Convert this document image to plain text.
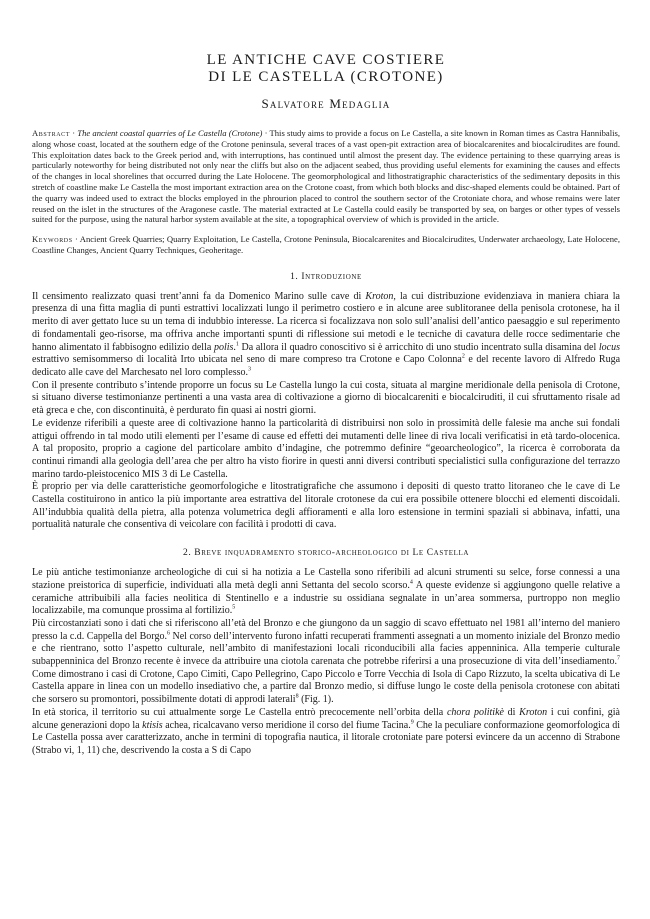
LE ANTICHE CAVE COSTIERE
DI LE CASTELLA (CROTONE)
Salvatore Medaglia
Abstract · The ancient coastal quarries of Le Castella (Crotone) · This study aims to provide a focus on Le Castella, a site known in Roman times as Castra Hannibalis, along whose coast, located at the southern edge of the Crotone peninsula, several traces of a vast open-pit extraction area of biocalcarenites and biocalcirudites are found. This exploitation dates back to the Greek period and, with interruptions, has continued until almost the present day. The evidence pertaining to these quarrying areas is particularly noteworthy for being distributed not only near the cliffs but also on the adjacent seabed, thus providing useful elements for examining the causes and effects of the changes in local shorelines that occurred during the Late Holocene. The geomorphological and lithostratigraphic characteristics of the sedimentary deposits in this stretch of coastline make Le Castella the most important extraction area on the Crotone coast, from which both blocks and disc-shaped elements could be obtained. Part of the quarry was indeed used to extract the blocks employed in the phrourion placed to control the southern sector of the Crotoniate chora, and whose remains were later reused on the islet in the structures of the Aragonese castle. The material extracted at Le Castella could easily be transported by sea, on barges or other types of vessels suited for the purpose, using the natural harbor system available at the site, a topographical overview of which is provided in the article.
Keywords · Ancient Greek Quarries; Quarry Exploitation, Le Castella, Crotone Peninsula, Biocalcarenites and Biocalcirudites, Underwater archaeology, Late Holocene, Coastline Changes, Ancient Quarry Techniques, Geoheritage.
1. Introduzione

Il censimento realizzato quasi trent’anni fa da Domenico Marino sulle cave di Kroton, la cui distribuzione evidenziava in maniera chiara la presenza di una fitta maglia di punti estrattivi localizzati lungo il perimetro costiero e in alcune aree sublitoranee della penisola crotonese, ha il merito di aver gettato luce su un tema di indubbio interesse. La ricerca si focalizzava non solo sull’analisi dell’antico paesaggio e sul reperimento di fondamentali geo-risorse, ma offriva anche importanti spunti di riflessione sui metodi e le tecniche di cavatura delle rocce sedimentarie che hanno alimentato il fabbisogno edilizio della polis.$^1$ Da allora il quadro conoscitivo si è arricchito di uno studio incentrato sulla disamina del locus estrattivo semisommerso di località Irto ubicata nel seno di mare compreso tra Crotone e Capo Colonna$^2$ e del recente lavoro di Alfredo Ruga dedicato alle cave del Marchesato nel loro complesso.$^3$

Con il presente contributo s’intende proporre un focus su Le Castella lungo la cui costa, situata al margine meridionale della penisola di Crotone, si situano diverse testimonianze pertinenti a una vasta area di coltivazione a giorno di biocalcareniti e biocalciruditi, il cui sfruttamento risale ad età greca e che, con discontinuità, è perdurato fin quasi ai nostri giorni.

Le evidenze riferibili a queste aree di coltivazione hanno la particolarità di distribuirsi non solo in prossimità delle falesie ma anche sui fondali attigui offrendo in tal modo utili elementi per l’esame di cause ed effetti dei mutamenti delle linee di riva locali verificatisi in età tardo-olocenica. A tal proposito, proprio a cagione del particolare ambito d’indagine, che potremmo definire “geoarcheologico”, la ricerca è corroborata da continui rimandi alla geologia dell’area che per altro ha visto fiorire in questi anni diversi contributi specialistici sulla configurazione del terrazzo marino tardo-pleistocenico MIS 3 di Le Castella.

È proprio per via delle caratteristiche geomorfologiche e litostratigrafiche che assumono i depositi di questo tratto litoraneo che le cave di Le Castella costituirono in antico la più importante area estrattiva del litorale crotonese da cui era possibile ottenere blocchi ed elementi discoidali. All’indubbia qualità della pietra, alla potenza volumetrica degli affioramenti e alla loro estensione in termini spaziali si abbinava, infatti, una portualità naturale che consentiva di veicolare con facilità i prodotti di cava.

2. Breve inquadramento storico-archeologico di Le Castella

Le più antiche testimonianze archeologiche di cui si ha notizia a Le Castella sono riferibili ad alcuni strumenti su selce, forse connessi a una stazione preistorica di superficie, individuati alla metà degli anni Settanta del secolo scorso.$^4$ A queste evidenze si aggiungono quelle relative a ceramiche attribuibili alla facies neolitica di Stentinello e a industrie su ossidiana segnalate in un’area sommersa, purtroppo non meglio localizzabile, ma comunque prossima al fortilizio.$^5$

Più circostanziati sono i dati che si riferiscono all’età del Bronzo e che giungono da un saggio di scavo effettuato nel 1981 all’interno del maniero presso la c.d. Cappella del Borgo.$^6$ Nel corso dell’intervento furono infatti recuperati frammenti assegnati a un momento iniziale del Bronzo medio e che rientrano, sotto l’aspetto culturale, nell’ambito di manifestazioni locali riconducibili alla facies appenninica. Alla temperie culturale subappenninica del Bronzo recente è invece da attribuire una ciotola carenata che potrebbe riferirsi a una prosecuzione di vita dell’insediamento.$^7$ Come dimostrano i casi di Crotone, Capo Cimiti, Capo Pellegrino, Capo Piccolo e Torre Vecchia di Isola di Capo Rizzuto, la scelta ubicativa di Le Castella appare in linea con un modello insediativo che, a partire dal Bronzo medio, si diffuse lungo le coste della penisola crotonese con abitati che sorsero su promontori, possibilmente dotati di approdi laterali$^8$ (Fig. 1).

In età storica, il territorio su cui attualmente sorge Le Castella entrò precocemente nell’orbita della chora politikè di Kroton i cui confini, già alcune generazioni dopo la ktisis achea, ricalcavano verso meridione il corso del fiume Tacina.$^9$ Che la peculiare conformazione geomorfologica di Le Castella possa aver caratterizzato, anche in termini di topografia nautica, il litorale crotoniate pare potersi evincere da un accenno di Strabone (Strabo vi, 1, 11) che, descrivendo la costa a S di Capo
